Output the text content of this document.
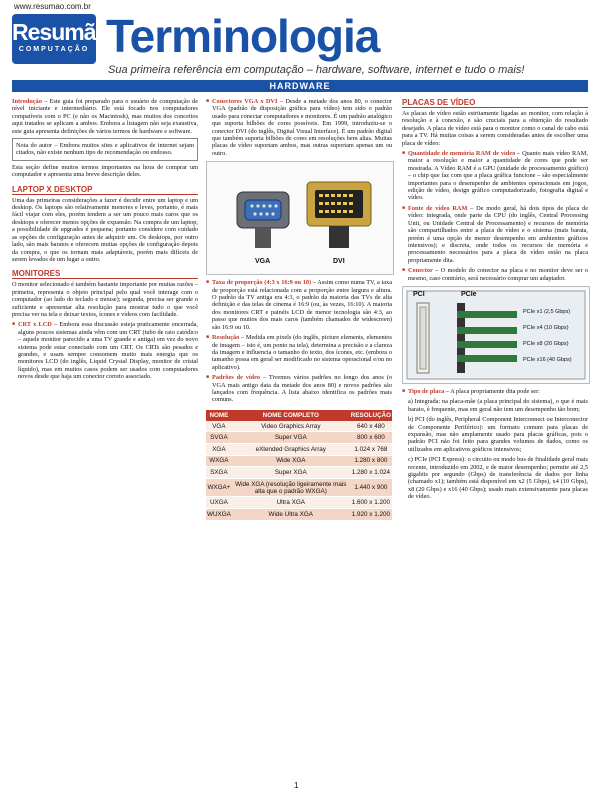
www.resumao.com.br
Resumão
COMPUTAÇÃO Terminologia
Sua primeira referência em computação – hardware, software, internet e tudo o mais!
HARDWARE

Introdução – Este guia foi preparado para o usuário de computação de nível iniciante e intermediário. Ele está focado nos computadores compatíveis com o PC (e não os Macintosh), mas muitos dos conceitos aqui tratados se aplicam a ambos. Embora a listagem não seja exaustiva, este guia apresenta definições de vários termos de hardware e software.

Nota do autor – Embora muitos sites e aplicativos de internet sejam citados, não existe nenhum tipo de recomendação ou endosso.

Esta seção define muitos termos importantes na hora de comprar um computador e apresenta uma breve descrição deles.

LAPTOP X DESKTOP

Uma das primeiras considerações a fazer é decidir entre um laptop e um desktop. Os laptops são relativamente menores e leves, portanto, é mais fácil viajar com eles, porém tendem a ser um pouco mais caros que os desktops e oferecer menos opções de expansão. Na compra de um laptop, a possibilidade de upgrades é pequena; portanto considere com cuidado as opções de configuração antes de adquirir um. Os desktops, por outro lado, são mais baratos e oferecem muitas opções de configuração depois da compra, o que os tornam mais adaptáveis, porém mais difíceis de serem levados de um lugar a outro.

MONITORES

O monitor selecionado é também bastante importante por muitas razões – primeira, representa o objeto principal pelo qual você interage com o computador (ao lado do teclado e mouse); segunda, precisa ser grande o suficiente e apresentar alta resolução para mostrar tudo o que você precisa ver na tela e deixar textos, ícones e vídeos com facilidade.

■ CRT x LCD – Embora essa discussão esteja praticamente encerrada, alguns poucos sistemas ainda vêm com um CRT (tubo de raio catódico – aquele monitor parecido a uma TV grande e antiga) em vez do novo sistema pode estar conectado com um CRT. Os CRTs são pesados e grandes, e usam sempre consomem muito mais energia que os monitores LCD (do inglês, Liquid Crystal Display, monitor de cristal líquido), mas em muitos casos podem ser usados com computadores novos desde que haja um conector correto associado.

■ Conectores VGA x DVI – Desde a metade dos anos 80, o conector VGA (padrão de disposição gráfica para vídeo) tem sido o padrão usado para conectar computadores e monitores. É um padrão analógico que suporta bilhões de cores possíveis. Em 1999, introduziu-se o conector DVI (do inglês, Digital Visual Interface). É um padrão digital que também suporta bilhões de cores em resoluções bem altas. Muitas placas de vídeo suportam ambos, mas outras suportam apenas um ou outro.

VGA	DVI

■ Taxa de proporção (4:3 x 16:9 ou 10) – Assim como numa TV, a taxa de proporção está relacionada com a proporção entre largura e altura. O padrão da TV antiga era 4:3, o padrão da maioria das TVs de alta definição e das telas de cinema é 16:9 (ou, às vezes, 16:10). A maioria dos monitores CRT e painéis LCD de menor tecnologia são 4:3, ao passo que muitos dos mais caros (também chamados de widescreen) são 16:9 ou 10.

■ Resolução – Medida em pixels (do inglês, picture elements, elementos de imagem – isto é, um ponto na tela), determina a precisão e a clareza da imagem e influencia o tamanho do texto, dos ícones, etc. (embora o tamanho possa em geral ser modificado no sistema operacional e/ou no aplicativo).

■ Padrões de vídeo – Tivemos vários padrões no longo dos anos (o VGA mais antigo data da metade dos anos 80) e novos padrões são lançados com frequência. A lista abaixo identifica os padrões mais comuns.

NOME	NOME COMPLETO	RESOLUÇÃO
VGA	Video Graphics Array	640 x 480
SVGA	Super VGA	800 x 600
XGA	eXtended Graphics Array	1.024 x 768
WXGA	Wide XGA	1.280 x 800
SXGA	Super XGA	1.280 x 1.024
WXGA+	Wide XGA (resolução ligeiramente mais alta que o padrão WXGA)	1.440 x 900
UXGA	Ultra XGA	1.600 x 1.200
WUXGA	Wide Ultra XGA	1.920 x 1.200
PLACAS DE VÍDEO

As placas de vídeo estão estritamente ligadas ao monitor, com relação à resolução e à conexão, e são cruciais para a obtenção do resultado desejado. A placa de vídeo está para o monitor como o canal de cabo está para a TV. Há muitas coisas a serem consideradas antes de escolher uma placa de vídeo:

■ Quantidade de memória RAM de vídeo – Quanto mais vídeo RAM, maior a resolução e maior a quantidade de cores que pode ser mostrada. A Vídeo RAM é a GPU (unidade de processamento gráfico) – o chip que faz com que a placa gráfica funcione – são especialmente importantes para o desempenho de ambientes operacionais em jogos, edição de vídeo, design gráfico computadorizado, fotografia digital e vídeo.

■ Fonte de vídeo RAM – De modo geral, há dois tipos de placa de vídeo: integrada, onde parte da CPU (do inglês, Central Processing Unit, ou Unidade Central de Processamento) e recursos de memória são compartilhados entre a placa de vídeo e o sistema (mais barata, porém é uma opção de menor desempenho em ambientes gráficos intensivos); e discreta, onde todos os recursos de memória e processamento necessários para a placa de vídeo estão na placa propriamente dita.

■ Conector – O modelo do conector na placa e no monitor deve ser o mesmo, caso contrário, será necessário comprar um adaptador.

PCI	PCIe
PCIe x1 (2,5 Gbps)
PCIe x4 (10 Gbps)
PCIe x8 (20 Gbps)
PCIe x16 (40 Gbps)

■ Tipo de placa – A placa propriamente dita pode ser:

a) Integrada: na placa-mãe (a placa principal do sistema), o que é mais barato, é frequente, mas em geral não tem um desempenho tão bom;

b) PCI (do inglês, Peripheral Component Interconnect ou Interconector de Componente Periférico): um formato comum para placas de expansão, mas não amplamente usado para placas gráficas, pois o padrão PCI não foi feito para grandes volumes de dados, como os utilizados em aplicativos gráficos intensivos;

c) PCIe (PCI Express): o circuito ou modo bus de finalidade geral mais recente, introduzido em 2002, e de maior desempenho; permite até 2,5 gigabits por segundo (Gbps) de transferência de dados por linha (chamado x1); também está disponível em x2 (5 Gbps), x4 (10 Gbps), x8 (20 Gbps) e x16 (40 Gbps); usado mais extensivamente para placas de vídeo.

1
